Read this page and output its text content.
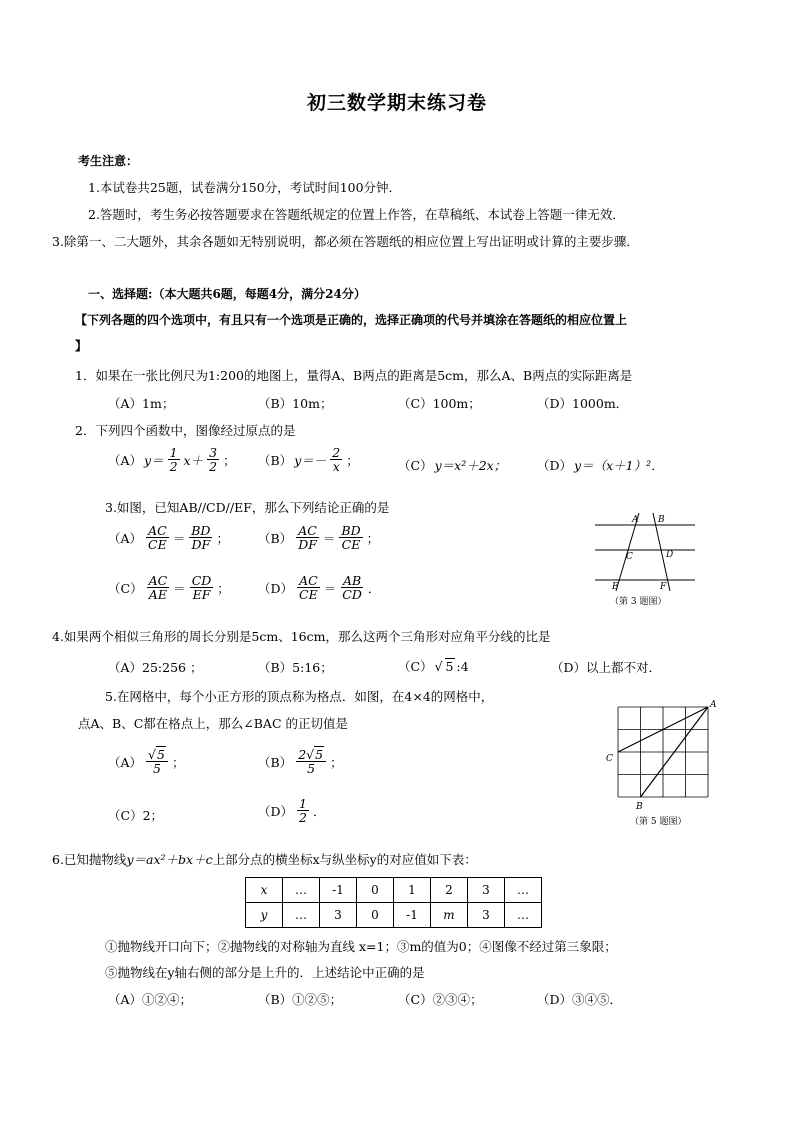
初三数学期末练习卷
考生注意：
1.本试卷共25题，试卷满分150分，考试时间100分钟．
2.答题时，考生务必按答题要求在答题纸规定的位置上作答，在草稿纸、本试卷上答题一律无效．
3.除第一、二大题外，其余各题如无特别说明，都必须在答题纸的相应位置上写出证明或计算的主要步骤．
一、选择题:（本大题共6题，每题4分，满分24分）
【下列各题的四个选项中，有且只有一个选项是正确的，选择正确项的代号并填涂在答题纸的相应位置上
】
1．如果在一张比例尺为1:200的地图上，量得A、B两点的距离是5cm，那么A、B两点的实际距离是
（A）1m；	（B）10m；	（C）100m；	（D）1000m．
2．下列四个函数中，图像经过原点的是
（A） $y= \frac{1}{2} x+ \frac{3}{2}$ ； （B） $y=- \frac{2}{x}$ ；	（C） y＝x²＋2x； （D） y＝（x＋1）²．
3.如图，已知AB//CD//EF，那么下列结论正确的是
$(A) \frac{AC}{CE} = \frac{BD}{DF}$ ； $(B) \frac{AC}{DF} = \frac{BD}{CE}$ ；
$(C) \frac{AC}{AE} = \frac{CD}{EF}$ ； $(D) \frac{AC}{CE} = \frac{AB}{CD}$ ．
A B
C	D
E	F
（第 3 题图）
4.如果两个相似三角形的周长分别是5cm、16cm，那么这两个三角形对应角平分线的比是
（A）25:256 ；	（B）5:16；	（C） √ 5 :4	（D）以上都不对．
5.在网格中，每个小正方形的顶点称为格点．如图，在4×4的网格中，
点A、B、C都在格点上，那么∠BAC 的正切值是
$(A) \frac{√5}{5}$ ；	$(B) \frac{2√5}{5}$ ；
（C）2；	$(D) \frac{1}{2}$ ．
A
B
C
（第 5 题图）
6.已知抛物线y＝ax²＋bx＋c上部分点的横坐标x与纵坐标y的对应值如下表：
x	…	-1	0	1	2	3	…
y	…	3	0	-1	m	3	…
①抛物线开口向下；②抛物线的对称轴为直线 x=1；③m的值为0；④图像不经过第三象限；
⑤抛物线在y轴右侧的部分是上升的．上述结论中正确的是
（A）①②④；	（B）①②⑤；	（C）②③④；	（D）③④⑤．
